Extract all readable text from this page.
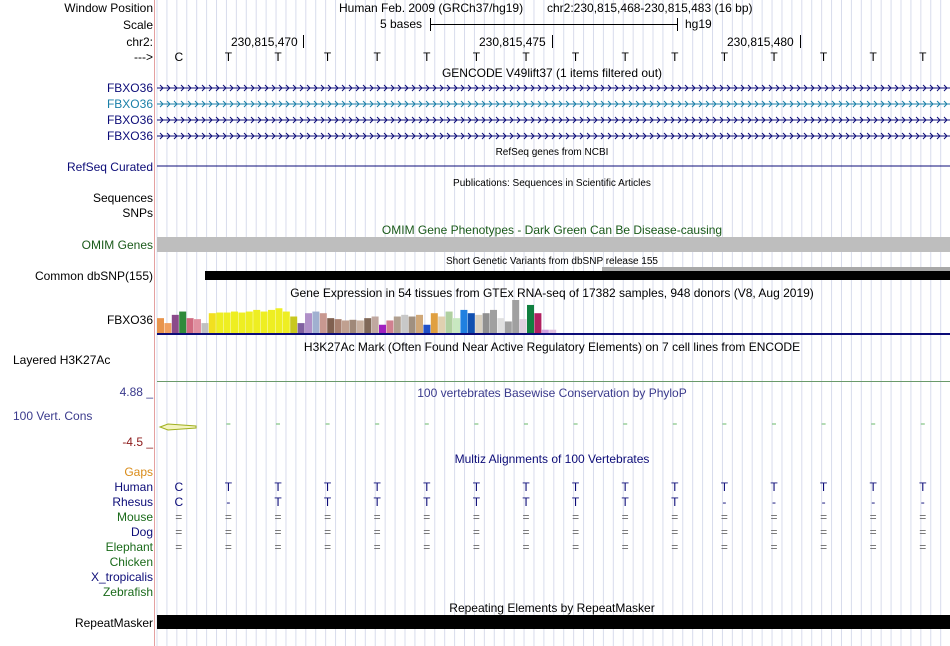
Window Position
Scale
chr2:
--->
Human Feb. 2009 (GRCh37/hg19) chr2:230,815,468-230,815,483 (16 bp)
5 bases	hg19
230,815,470	230,815,475	230,815,480
C	T	T	T	T	T	T	T	T	T	T	T	T	T	T	T
GENCODE V49lift37 (1 items filtered out)
FBXO36
FBXO36
FBXO36
FBXO36
RefSeq genes from NCBI
RefSeq Curated
Publications: Sequences in Scientific Articles
Sequences
SNPs
OMIM Gene Phenotypes - Dark Green Can Be Disease-causing
OMIM Genes
Short Genetic Variants from dbSNP release 155
Common dbSNP(155)
Gene Expression in 54 tissues from GTEx RNA-seq of 17382 samples, 948 donors (V8, Aug 2019)
FBXO36
H3K27Ac Mark (Often Found Near Active Regulatory Elements) on 7 cell lines from ENCODE
Layered H3K27Ac
100 vertebrates Basewise Conservation by PhyloP
4.88 _
100 Vert. Cons
-4.5 _
Multiz Alignments of 100 Vertebrates
Gaps
Human C	T	T	T	T	T	T	T	T	T	T	T	T	T	T	T
Rhesus C	-	T	T	T	T	T	T	T	T	T	-	-	-	-	-
Mouse =	=	=	=	=	=	=	=	=	=	=	=	=	=	=	=
Dog =	=	=	=	=	=	=	=	=	=	=	=	=	=	=	=
Elephant =	=	=	=	=	=	=	=	=	=	=	=	=	=	=	=
Chicken
X_tropicalis
Zebrafish
Repeating Elements by RepeatMasker
RepeatMasker
